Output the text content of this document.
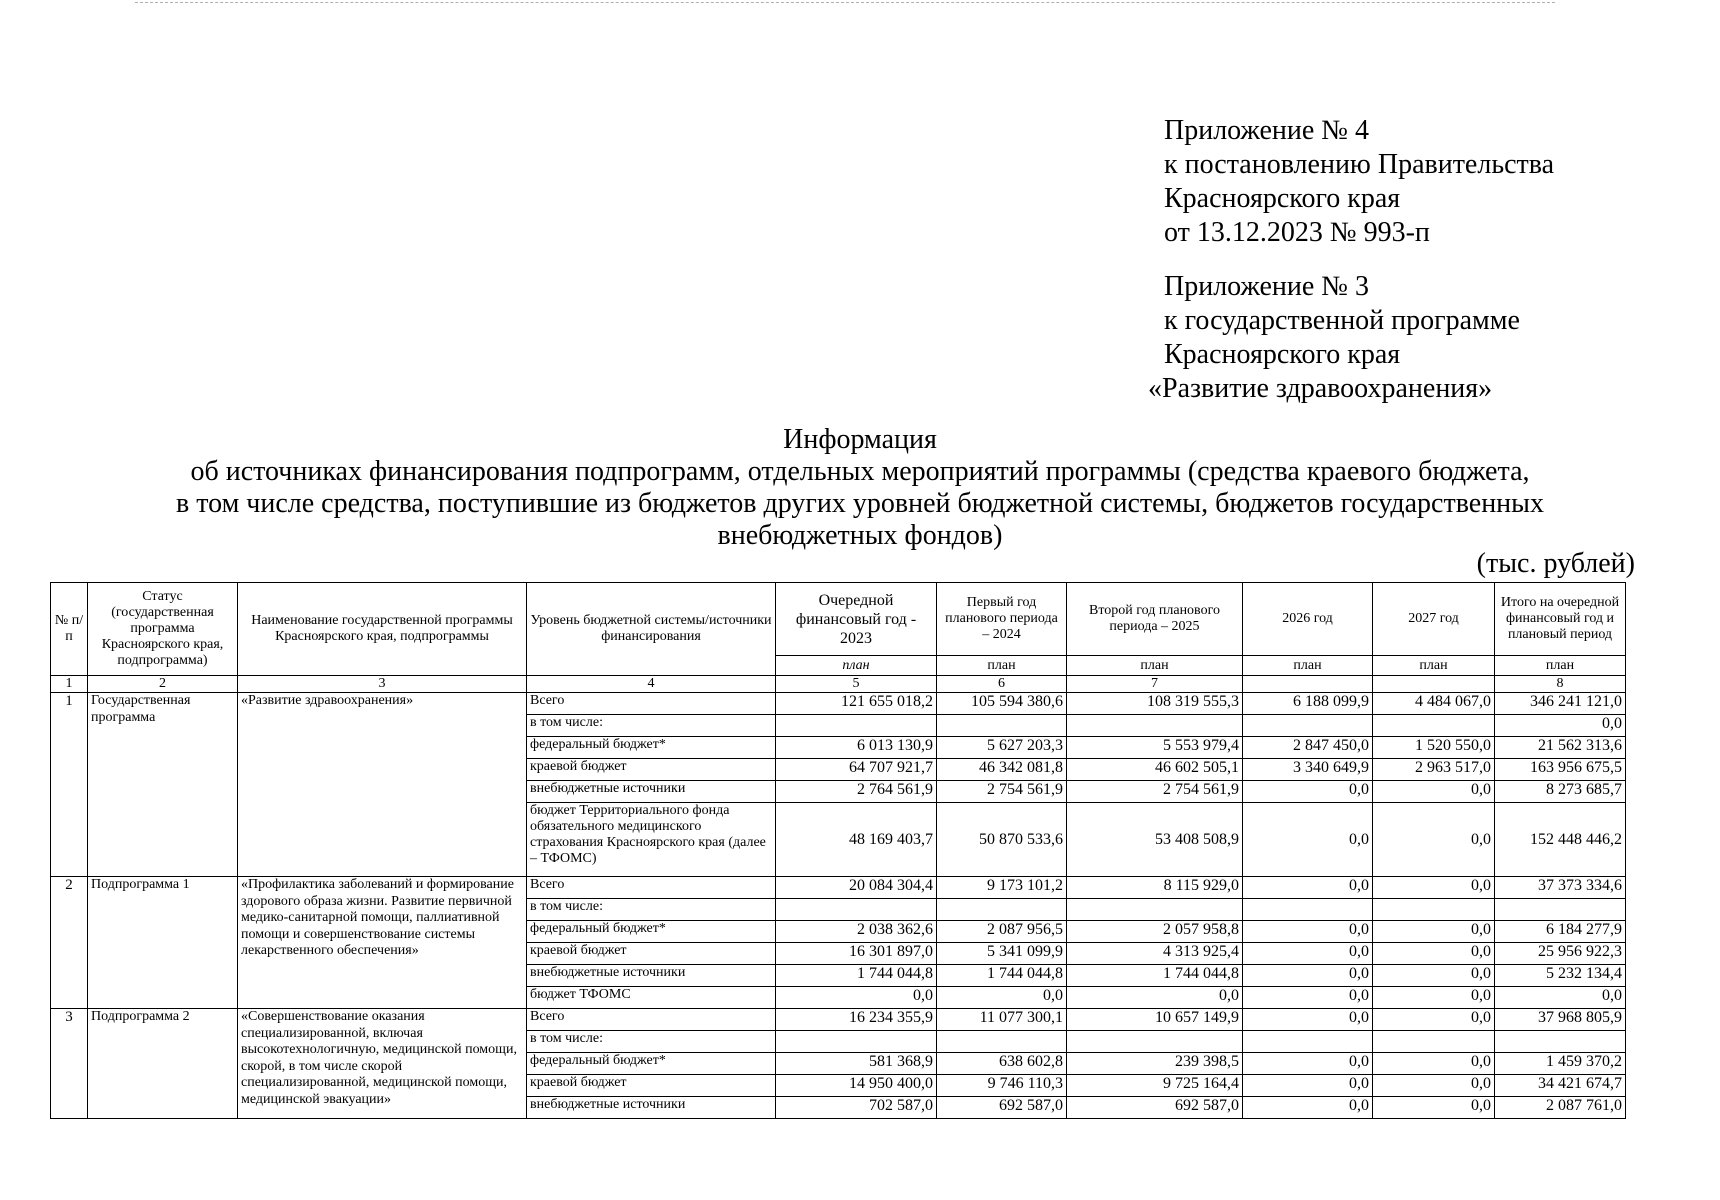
Приложение № 4
к постановлению Правительства
Красноярского края
от 13.12.2023 № 993-п
Приложение № 3
к государственной программе
Красноярского края
«Развитие здравоохранения»
Информация
об источниках финансирования подпрограмм, отдельных мероприятий программы (средства краевого бюджета,
в том числе средства, поступившие из бюджетов других уровней бюджетной системы, бюджетов государственных
внебюджетных фондов)
(тыс. рублей)
№ п/п	Статус (государственная программа Красноярского края, подпрограмма)	Наименование государственной программы Красноярского края, подпрограммы	Уровень бюджетной системы/источники финансирования	Очередной финансовый год - 2023	Первый год планового периода – 2024	Второй год планового периода – 2025	2026 год	2027 год	Итого на очередной финансовый год и плановый период
				план	план	план	план	план	план
1	2	3	4	5	6	7			8
1	Государственная программа	«Развитие здравоохранения»	Всего	121 655 018,2	105 594 380,6	108 319 555,3	6 188 099,9	4 484 067,0	346 241 121,0
			в том числе:						0,0
			федеральный бюджет*	6 013 130,9	5 627 203,3	5 553 979,4	2 847 450,0	1 520 550,0	21 562 313,6
			краевой бюджет	64 707 921,7	46 342 081,8	46 602 505,1	3 340 649,9	2 963 517,0	163 956 675,5
			внебюджетные источники	2 764 561,9	2 754 561,9	2 754 561,9	0,0	0,0	8 273 685,7
			бюджет Территориального фонда обязательного медицинского страхования Красноярского края (далее – ТФОМС)	48 169 403,7	50 870 533,6	53 408 508,9	0,0	0,0	152 448 446,2
2	Подпрограмма 1	«Профилактика заболеваний и формирование здорового образа жизни. Развитие первичной медико-санитарной помощи, паллиативной помощи и совершенствование системы лекарственного обеспечения»	Всего	20 084 304,4	9 173 101,2	8 115 929,0	0,0	0,0	37 373 334,6
			в том числе:						
			федеральный бюджет*	2 038 362,6	2 087 956,5	2 057 958,8	0,0	0,0	6 184 277,9
			краевой бюджет	16 301 897,0	5 341 099,9	4 313 925,4	0,0	0,0	25 956 922,3
			внебюджетные источники	1 744 044,8	1 744 044,8	1 744 044,8	0,0	0,0	5 232 134,4
			бюджет ТФОМС	0,0	0,0	0,0	0,0	0,0	0,0
3	Подпрограмма 2	«Совершенствование оказания специализированной, включая высокотехнологичную, медицинской помощи, скорой, в том числе скорой специализированной, медицинской помощи, медицинской эвакуации»	Всего	16 234 355,9	11 077 300,1	10 657 149,9	0,0	0,0	37 968 805,9
			в том числе:						
			федеральный бюджет*	581 368,9	638 602,8	239 398,5	0,0	0,0	1 459 370,2
			краевой бюджет	14 950 400,0	9 746 110,3	9 725 164,4	0,0	0,0	34 421 674,7
			внебюджетные источники	702 587,0	692 587,0	692 587,0	0,0	0,0	2 087 761,0
